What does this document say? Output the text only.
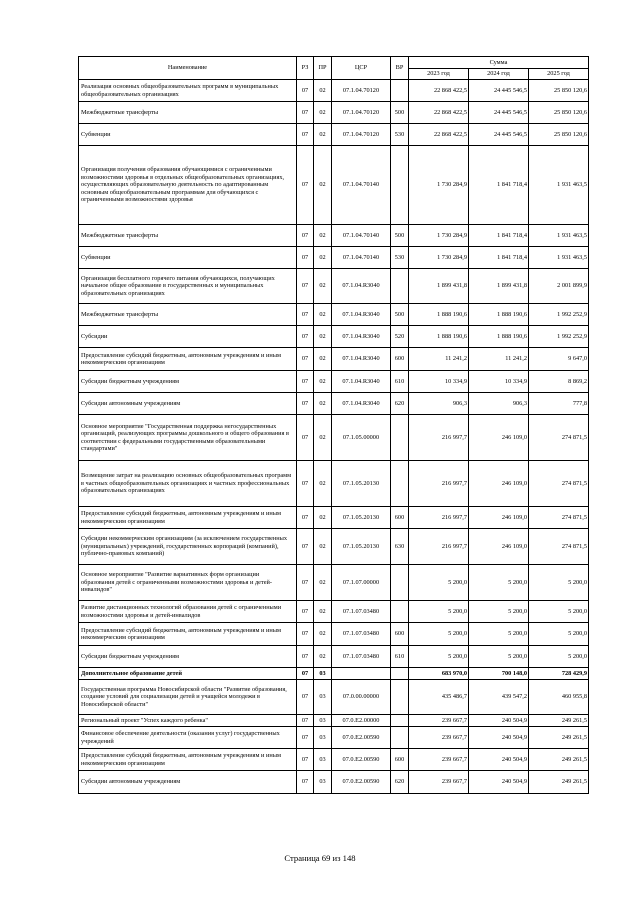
Наименование	РЗ	ПР	ЦСР	ВР	Сумма		
					2023 год	2024 год	2025 год
Реализация основных общеобразовательных программ в муниципальных общеобразовательных организациях	07	02	07.1.04.70120		22 868 422,5	24 445 546,5	25 850 120,6
Межбюджетные трансферты	07	02	07.1.04.70120	500	22 868 422,5	24 445 546,5	25 850 120,6
Субвенции	07	02	07.1.04.70120	530	22 868 422,5	24 445 546,5	25 850 120,6
Организация получения образования обучающимися с ограниченными возможностями здоровья в отдельных общеобразовательных организациях, осуществляющих образовательную деятельность по адаптированным основным общеобразовательным программам для обучающихся с ограниченными возможностями здоровья	07	02	07.1.04.70140		1 730 284,9	1 841 718,4	1 931 463,5
Межбюджетные трансферты	07	02	07.1.04.70140	500	1 730 284,9	1 841 718,4	1 931 463,5
Субвенции	07	02	07.1.04.70140	530	1 730 284,9	1 841 718,4	1 931 463,5
Организация бесплатного горячего питания обучающихся, получающих начальное общее образование в государственных и муниципальных образовательных организациях	07	02	07.1.04.R3040		1 899 431,8	1 899 431,8	2 001 899,9
Межбюджетные трансферты	07	02	07.1.04.R3040	500	1 888 190,6	1 888 190,6	1 992 252,9
Субсидии	07	02	07.1.04.R3040	520	1 888 190,6	1 888 190,6	1 992 252,9
Предоставление субсидий бюджетным, автономным учреждениям и иным некоммерческим организациям	07	02	07.1.04.R3040	600	11 241,2	11 241,2	9 647,0
Субсидии бюджетным учреждениям	07	02	07.1.04.R3040	610	10 334,9	10 334,9	8 869,2
Субсидии автономным учреждениям	07	02	07.1.04.R3040	620	906,3	906,3	777,8
Основное мероприятие "Государственная поддержка негосударственных организаций, реализующих программы дошкольного и общего образования в соответствии с федеральными государственными образовательными стандартами"	07	02	07.1.05.00000		216 997,7	246 109,0	274 871,5
Возмещение затрат на реализацию основных общеобразовательных программ в частных общеобразовательных организациях и частных профессиональных образовательных организациях	07	02	07.1.05.20130		216 997,7	246 109,0	274 871,5
Предоставление субсидий бюджетным, автономным учреждениям и иным некоммерческим организациям	07	02	07.1.05.20130	600	216 997,7	246 109,0	274 871,5
Субсидии некоммерческим организациям (за исключением государственных (муниципальных) учреждений, государственных корпораций (компаний), публично-правовых компаний)	07	02	07.1.05.20130	630	216 997,7	246 109,0	274 871,5
Основное мероприятие "Развитие вариативных форм организации образования детей с ограниченными возможностями здоровья и детей-инвалидов"	07	02	07.1.07.00000		5 200,0	5 200,0	5 200,0
Развитие дистанционных технологий образования детей с ограниченными возможностями здоровья и детей-инвалидов	07	02	07.1.07.03480		5 200,0	5 200,0	5 200,0
Предоставление субсидий бюджетным, автономным учреждениям и иным некоммерческим организациям	07	02	07.1.07.03480	600	5 200,0	5 200,0	5 200,0
Субсидии бюджетным учреждениям	07	02	07.1.07.03480	610	5 200,0	5 200,0	5 200,0
Дополнительное образование детей	07	03			683 970,0	700 148,0	728 429,9
Государственная программа Новосибирской области "Развитие образования, создание условий для социализации детей и учащейся молодежи в Новосибирской области"	07	03	07.0.00.00000		435 486,7	439 547,2	460 955,8
Региональный проект "Успех каждого ребенка"	07	03	07.0.E2.00000		239 667,7	240 504,9	249 261,5
Финансовое обеспечение деятельности (оказания услуг) государственных учреждений	07	03	07.0.E2.00590		239 667,7	240 504,9	249 261,5
Предоставление субсидий бюджетным, автономным учреждениям и иным некоммерческим организациям	07	03	07.0.E2.00590	600	239 667,7	240 504,9	249 261,5
Субсидии автономным учреждениям	07	03	07.0.E2.00590	620	239 667,7	240 504,9	249 261,5
Страница 69 из 148
